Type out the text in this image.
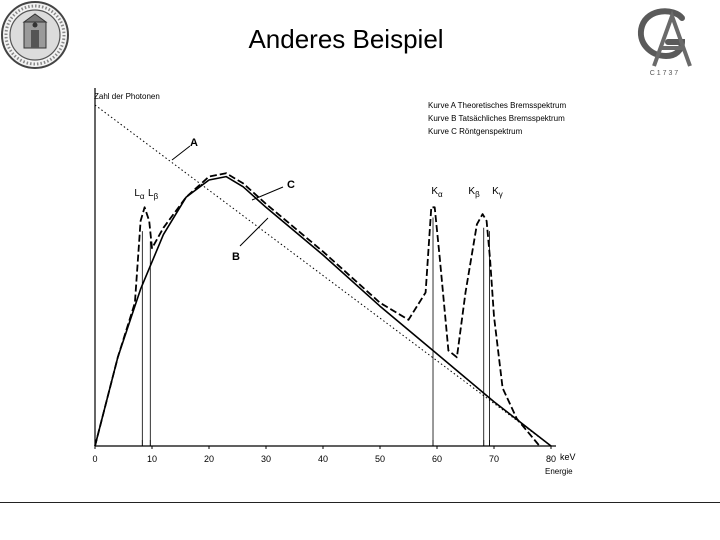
Anderes Beispiel
C 1 7 3 7
Zahl der Photonen
Kurve A Theoretisches Bremsspektrum
Kurve B Tatsächliches Bremsspektrum
Kurve C Röntgenspektrum
A
B
C
keV
Energie
0	10	20	30	40	50	60	70	80
$L_\alpha$ $L_\beta$	$K_\alpha$	$K_\beta$ $K_\gamma$
